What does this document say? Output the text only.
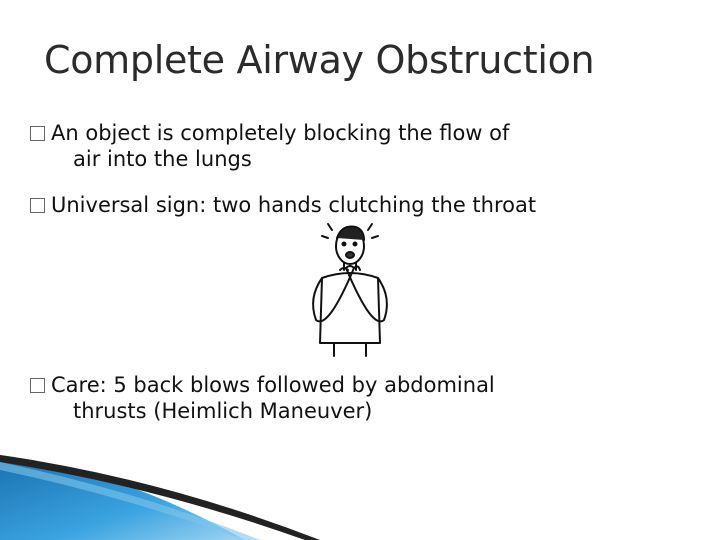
Complete Airway Obstruction
An object is completely blocking the flow of
air into the lungs
Universal sign: two hands clutching the throat
Care: 5 back blows followed by abdominal
thrusts (Heimlich Maneuver)
